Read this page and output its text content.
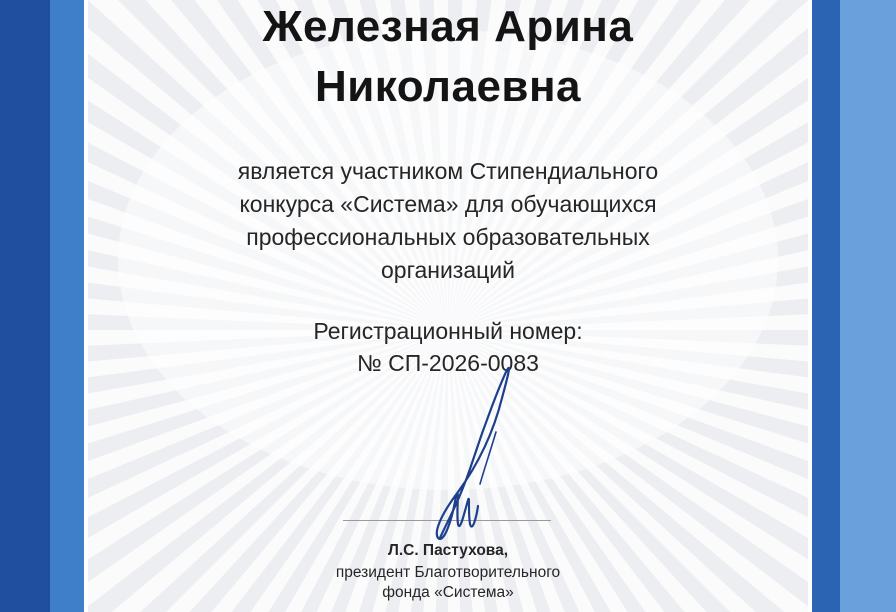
Железная Арина
Николаевна
является участником Стипендиального
конкурса «Система» для обучающихся
профессиональных образовательных
организаций
Регистрационный номер:
№ СП-2026-0083
Л.С. Пастухова,
президент Благотворительного
фонда «Система»
